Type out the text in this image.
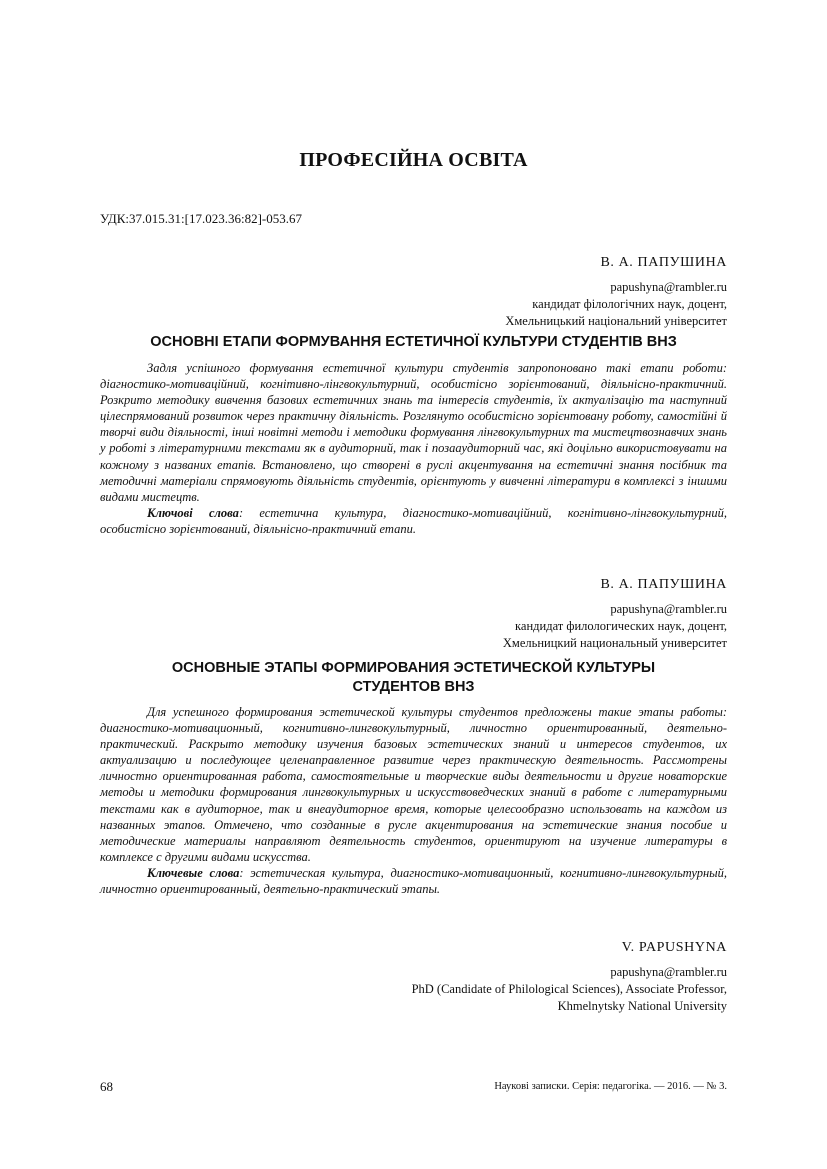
ПРОФЕСІЙНА ОСВІТА
УДК:37.015.31:[17.023.36:82]-053.67
В. А. ПАПУШИНА
papushyna@rambler.ru
кандидат філологічних наук, доцент,
Хмельницький національний університет
ОСНОВНІ ЕТАПИ ФОРМУВАННЯ ЕСТЕТИЧНОЇ КУЛЬТУРИ СТУДЕНТІВ ВНЗ

Задля успішного формування естетичної культури студентів запропоновано такі етапи роботи: діагностико-мотиваційний, когнітивно-лінгвокультурний, особистісно зорієнтований, діяльнісно-практичний. Розкрито методику вивчення базових естетичних знань та інтересів студентів, їх актуалізацію та наступний цілеспрямований розвиток через практичну діяльність. Розглянуто особистісно зорієнтовану роботу, самостійні й творчі види діяльності, інші новітні методи і методики формування лінгвокультурних та мистецтвознавчих знань у роботі з літературними текстами як в аудиторний, так і позааудиторний час, які доцільно використовувати на кожному з названих етапів. Встановлено, що створені в руслі акцентування на естетичні знання посібник та методичні матеріали спрямовують діяльність студентів, орієнтують у вивченні літератури в комплексі з іншими видами мистецтв.

Ключові слова: естетична культура, діагностико-мотиваційний, когнітивно-лінгвокультурний, особистісно зорієнтований, діяльнісно-практичний етапи.

В. А. ПАПУШИНА
papushyna@rambler.ru
кандидат филологических наук, доцент,
Хмельницкий национальный университет
ОСНОВНЫЕ ЭТАПЫ ФОРМИРОВАНИЯ ЭСТЕТИЧЕСКОЙ КУЛЬТУРЫ
СТУДЕНТОВ ВНЗ

Для успешного формирования эстетической культуры студентов предложены такие этапы работы: диагностико-мотивационный, когнитивно-лингвокультурный, личностно ориентированный, деятельно-практический. Раскрыто методику изучения базовых эстетических знаний и интересов студентов, их актуализацию и последующее целенаправленное развитие через практическую деятельность. Рассмотрены личностно ориентированная работа, самостоятельные и творческие виды деятельности и другие новаторские методы и методики формирования лингвокультурных и искусствоведческих знаний в работе с литературными текстами как в аудиторное, так и внеаудиторное время, которые целесообразно использовать на каждом из названных этапов. Отмечено, что созданные в русле акцентирования на эстетические знания пособие и методические материалы направляют деятельность студентов, ориентируют на изучение литературы в комплексе с другими видами искусства.

Ключевые слова: эстетическая культура, диагностико-мотивационный, когнитивно-лингвокультурный, личностно ориентированный, деятельно-практический этапы.

V. PAPUSHYNA
papushyna@rambler.ru
PhD (Candidate of Philological Sciences), Associate Professor,
Khmelnytsky National University
68	Наукові записки. Серія: педагогіка. — 2016. — № 3.
